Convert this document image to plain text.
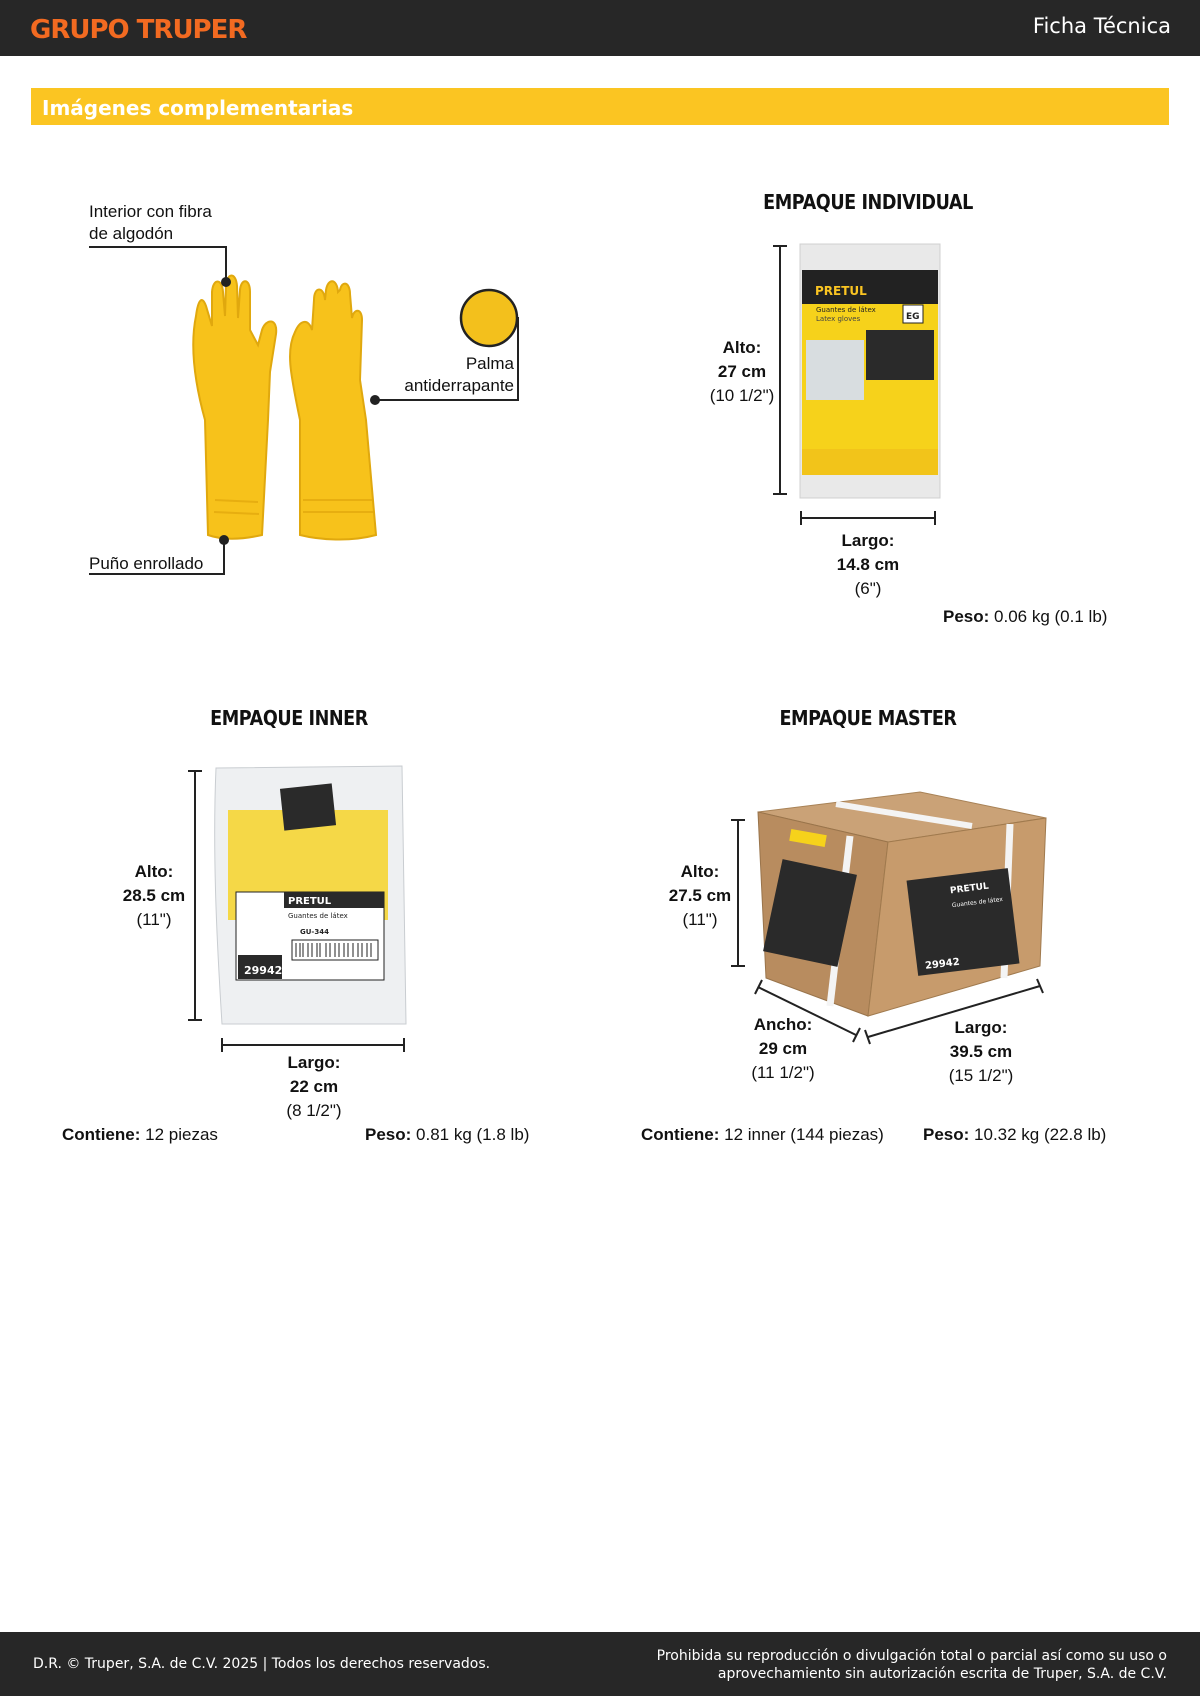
GRUPO TRUPER	Ficha Técnica
Imágenes complementarias
Interior con fibra
de algodón
Palma
antiderrapante
Puño enrollado
EMPAQUE INDIVIDUAL
EG
PRETUL
Guantes de látex
Latex gloves
Alto:
27 cm
(10 1/2")
Largo:
14.8 cm
(6")
Peso: 0.06 kg (0.1 lb)
EMPAQUE INNER
PRETUL
Guantes de látex
GU-344
29942
Alto:
28.5 cm
(11")
Largo:
22 cm
(8 1/2")
Contiene: 12 piezas	Peso: 0.81 kg (1.8 lb)
EMPAQUE MASTER
PRETUL
Guantes de látex
29942
Alto:
27.5 cm
(11")
Ancho:
29 cm
(11 1/2")
Largo:
39.5 cm
(15 1/2")
Contiene: 12 inner (144 piezas) Peso: 10.32 kg (22.8 lb)
D.R. © Truper, S.A. de C.V. 2025 | Todos los derechos reservados.	Prohibida su reproducción o divulgación total o parcial así como su uso o
aprovechamiento sin autorización escrita de Truper, S.A. de C.V.
